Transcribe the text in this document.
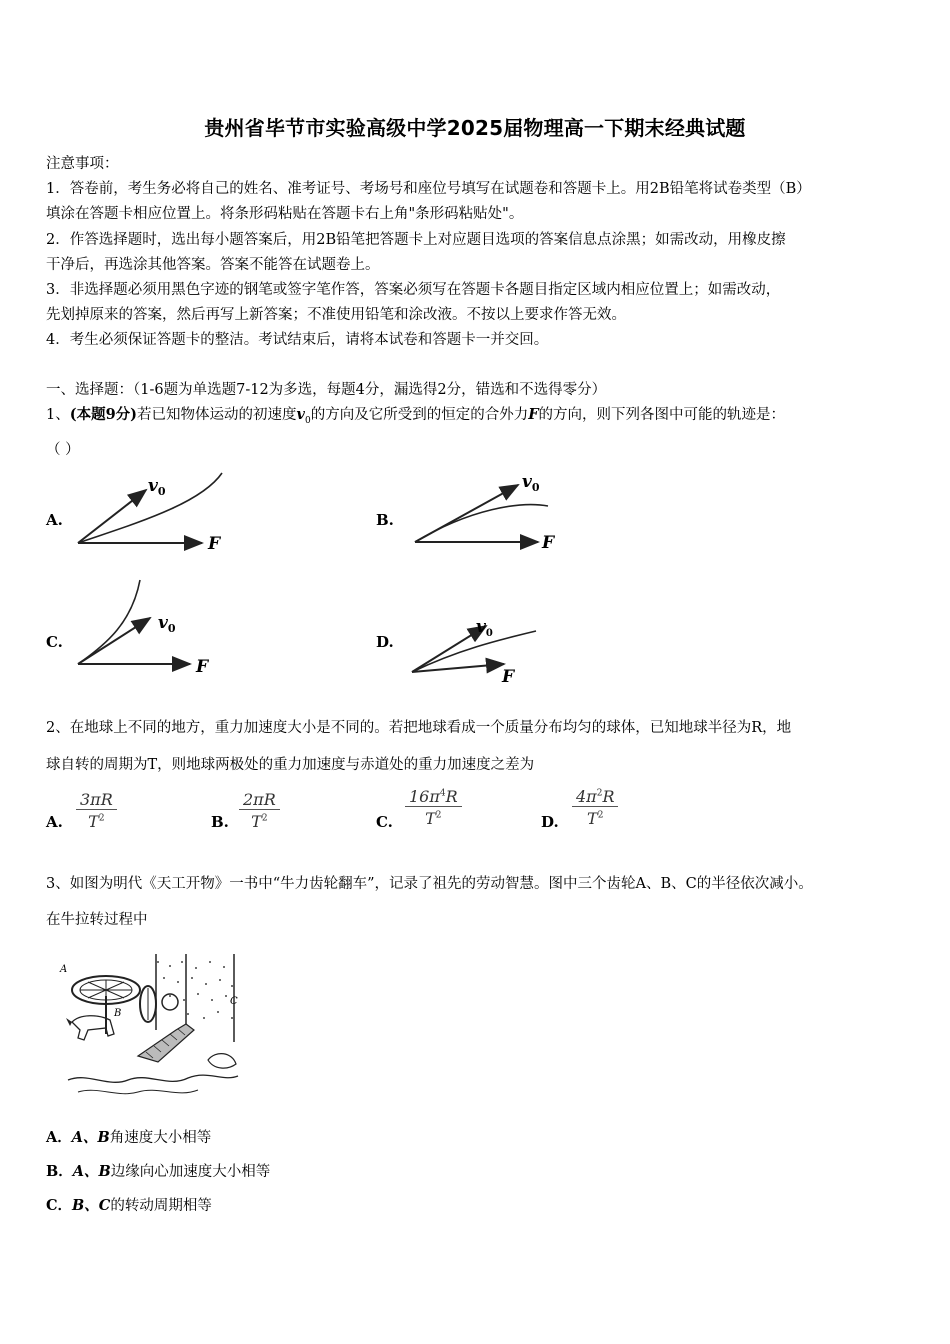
贵州省毕节市实验高级中学2025届物理高一下期末经典试题
注意事项：
1．答卷前，考生务必将自己的姓名、准考证号、考场号和座位号填写在试题卷和答题卡上。用2B铅笔将试卷类型（B）
填涂在答题卡相应位置上。将条形码粘贴在答题卡右上角"条形码粘贴处"。
2．作答选择题时，选出每小题答案后，用2B铅笔把答题卡上对应题目选项的答案信息点涂黑；如需改动，用橡皮擦
干净后，再选涂其他答案。答案不能答在试题卷上。
3．非选择题必须用黑色字迹的钢笔或签字笔作答，答案必须写在答题卡各题目指定区域内相应位置上；如需改动，
先划掉原来的答案，然后再写上新答案；不准使用铅笔和涂改液。不按以上要求作答无效。
4．考生必须保证答题卡的整洁。考试结束后，请将本试卷和答题卡一并交回。
一、选择题：（1-6题为单选题7-12为多选，每题4分，漏选得2分，错选和不选得零分）
1、(本题9分)若已知物体运动的初速度$v_0$的方向及它所受到的恒定的合外力F的方向，则下列各图中可能的轨迹是：
（ ）
A.	B.
C.	D.
$v_0$
F
$v_0$
F
$v_0$
F
$v_0$
F
2、在地球上不同的地方，重力加速度大小是不同的。若把地球看成一个质量分布均匀的球体，已知地球半径为R，地
球自转的周期为T，则地球两极处的重力加速度与赤道处的重力加速度之差为
A. $\frac{3\pi R}{T^2}$	B. $\frac{2\pi R}{T^2}$	C. $\frac{16\pi^4R}{T^2}$	D. $\frac{4\pi^2R}{T^2}$
3、如图为明代《天工开物》一书中“牛力齿轮翻车”，记录了祖先的劳动智慧。图中三个齿轮A、B、C的半径依次减小。
在牛拉转过程中
A
B
C
A．A、B角速度大小相等
B．A、B边缘向心加速度大小相等
C．B、C的转动周期相等
